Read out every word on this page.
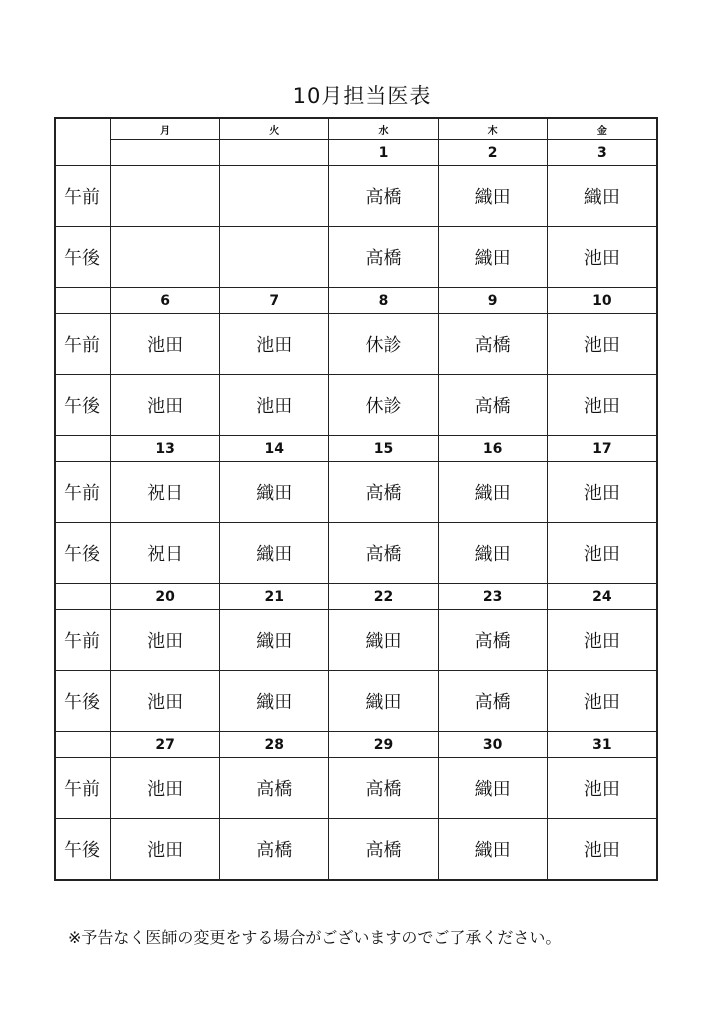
10月担当医表
	月	火	水	木	金
			1	2	3
午前			高橋	織田	織田
午後			高橋	織田	池田
	6	7	8	9	10
午前	池田	池田	休診	高橋	池田
午後	池田	池田	休診	高橋	池田
	13	14	15	16	17
午前	祝日	織田	高橋	織田	池田
午後	祝日	織田	高橋	織田	池田
	20	21	22	23	24
午前	池田	織田	織田	高橋	池田
午後	池田	織田	織田	高橋	池田
	27	28	29	30	31
午前	池田	高橋	高橋	織田	池田
午後	池田	高橋	高橋	織田	池田
※予告なく医師の変更をする場合がございますのでご了承ください。
